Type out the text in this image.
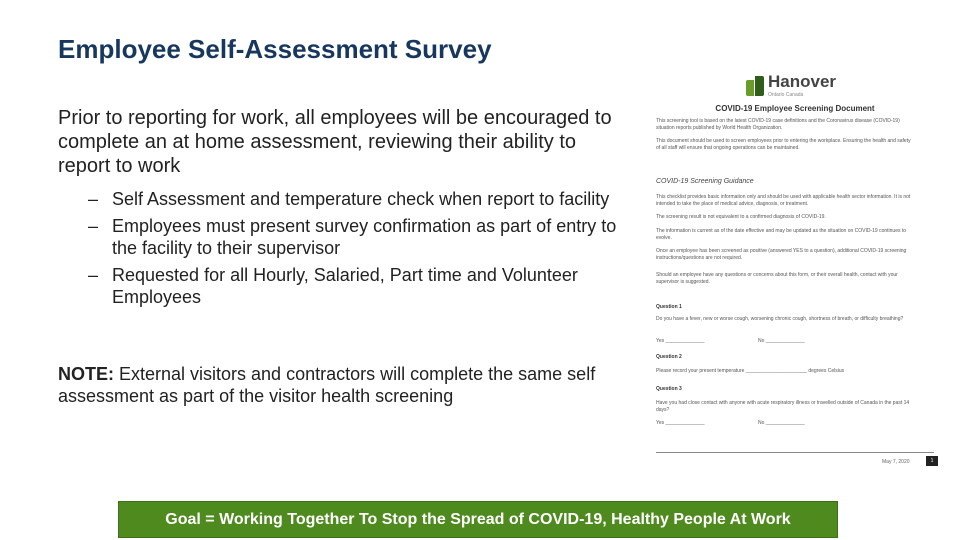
Employee Self-Assessment Survey
Prior to reporting for work, all employees will be encouraged to complete an at home assessment, reviewing their ability to report to work
– Self Assessment and temperature check when report to facility
– Employees must present survey confirmation as part of entry to the facility to their supervisor
– Requested for all Hourly, Salaried, Part time and Volunteer Employees
NOTE: External visitors and contractors will complete the same self assessment as part of the visitor health screening
Hanover
Ontario Canada
COVID-19 Employee Screening Document
This screening tool is based on the latest COVID-19 case definitions and the Coronavirus disease (COVID-19) situation reports published by World Health Organization.
This document should be used to screen employees prior to entering the workplace. Ensuring the health and safety of all staff will ensure that ongoing operations can be maintained.
COVID-19 Screening Guidance
This checklist provides basic information only and should be used with applicable health sector information. It is not intended to take the place of medical advice, diagnosis, or treatment.
The screening result is not equivalent to a confirmed diagnosis of COVID-19.
The information is current as of the date effective and may be updated as the situation on COVID-19 continues to evolve.
Once an employee has been screened as positive (answered YES to a question), additional COVID-19 screening instructions/questions are not required.
Should an employee have any questions or concerns about this form, or their overall health, contact with your supervisor is suggested.
Question 1
Do you have a fever, new or worse cough, worsening chronic cough, shortness of breath, or difficulty breathing?
Yes ______________	No ______________
Question 2
Please record your present temperature ______________________ degrees Celsius
Question 3
Have you had close contact with anyone with acute respiratory illness or travelled outside of Canada in the past 14 days?
Yes ______________	No ______________
May 7, 2020	1
Goal = Working Together To Stop the Spread of COVID-19, Healthy People At Work
